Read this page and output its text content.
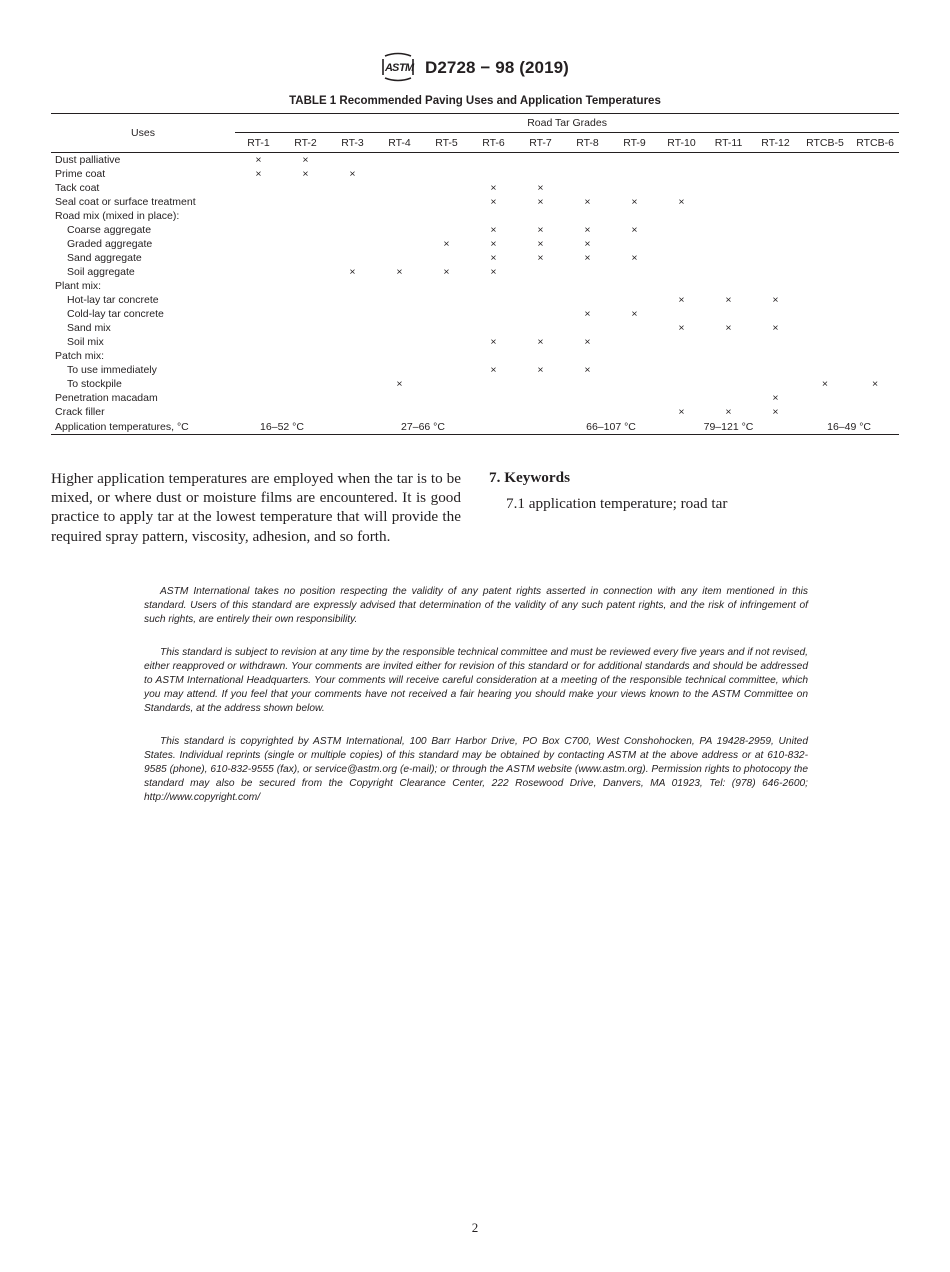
A S T M D2728 − 98 (2019)
TABLE 1 Recommended Paving Uses and Application Temperatures
Uses	Road Tar Grades													
	RT-1	RT-2	RT-3	RT-4	RT-5	RT-6	RT-7	RT-8	RT-9	RT-10	RT-11	RT-12	RTCB-5	RTCB-6
Dust palliative	×	×												
Prime coat	×	×	×											
Tack coat						×	×							
Seal coat or surface treatment						×	×	×	×	×				
Road mix (mixed in place):														
Coarse aggregate						×	×	×	×					
Graded aggregate					×	×	×	×						
Sand aggregate						×	×	×	×					
Soil aggregate			×	×	×	×								
Plant mix:														
Hot-lay tar concrete										×	×	×		
Cold-lay tar concrete								×	×					
Sand mix										×	×	×		
Soil mix						×	×	×						
Patch mix:														
To use immediately						×	×	×						
To stockpile				×									×	×
Penetration macadam												×		
Crack filler										×	×	×		
Application temperatures, °C	16–52 °C			27–66 °C				66–107 °C		79–121 °C			16–49 °C	
Higher application temperatures are employed when the tar is to be mixed, or where dust or moisture films are encountered. It is good practice to apply tar at the lowest temperature that will provide the required spray pattern, viscosity, adhesion, and so forth.
7. Keywords
7.1 application temperature; road tar

ASTM International takes no position respecting the validity of any patent rights asserted in connection with any item mentioned in this standard. Users of this standard are expressly advised that determination of the validity of any such patent rights, and the risk of infringement of such rights, are entirely their own responsibility.

This standard is subject to revision at any time by the responsible technical committee and must be reviewed every five years and if not revised, either reapproved or withdrawn. Your comments are invited either for revision of this standard or for additional standards and should be addressed to ASTM International Headquarters. Your comments will receive careful consideration at a meeting of the responsible technical committee, which you may attend. If you feel that your comments have not received a fair hearing you should make your views known to the ASTM Committee on Standards, at the address shown below.

This standard is copyrighted by ASTM International, 100 Barr Harbor Drive, PO Box C700, West Conshohocken, PA 19428-2959, United States. Individual reprints (single or multiple copies) of this standard may be obtained by contacting ASTM at the above address or at 610-832-9585 (phone), 610-832-9555 (fax), or service@astm.org (e-mail); or through the ASTM website (www.astm.org). Permission rights to photocopy the standard may also be secured from the Copyright Clearance Center, 222 Rosewood Drive, Danvers, MA 01923, Tel: (978) 646-2600; http://www.copyright.com/

2
